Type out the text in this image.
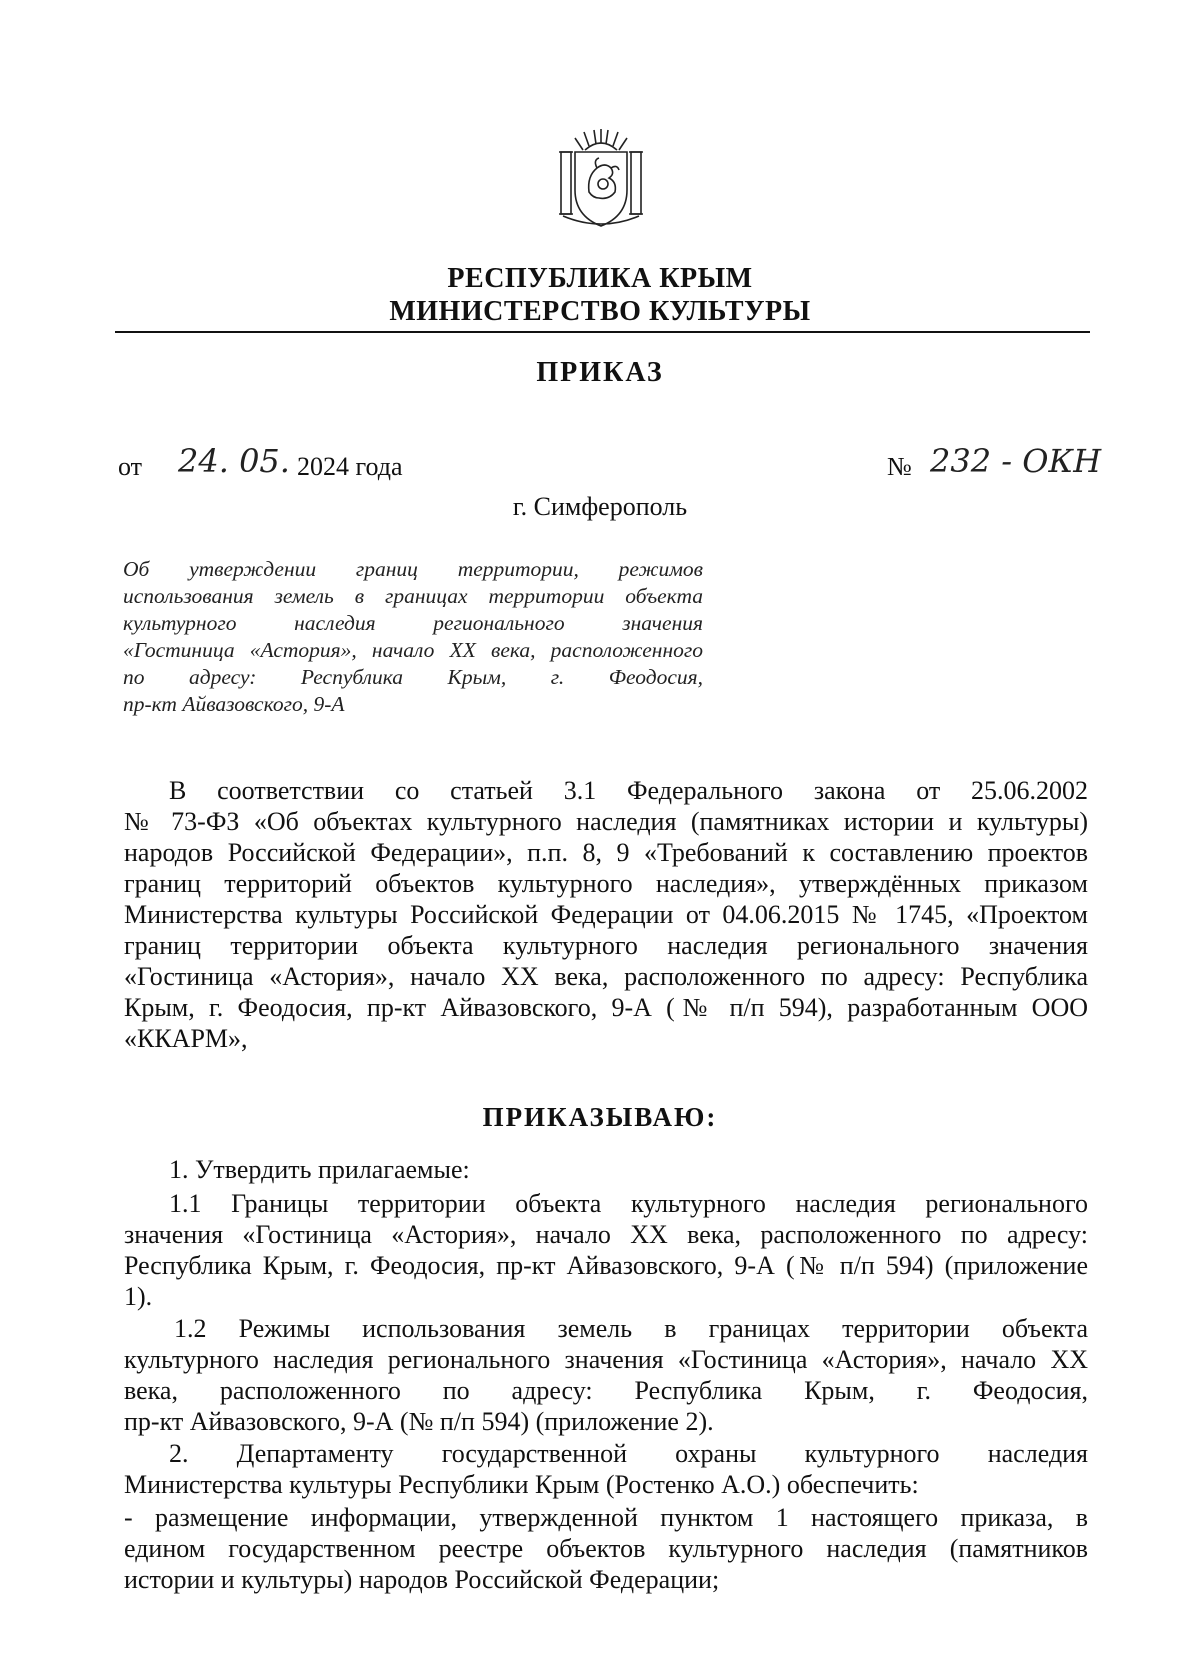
РЕСПУБЛИКА КРЫМ
МИНИСТЕРСТВО КУЛЬТУРЫ
ПРИКАЗ
от 24. 05. 2024 года	№ 232 - ОКН
г. Симферополь
Об утверждении границ территории, режимов
использования земель в границах территории объекта
культурного наследия регионального значения
«Гостиница «Астория», начало XX века, расположенного
по адресу: Республика Крым, г. Феодосия,
пр-кт Айвазовского, 9-А
В соответствии со статьей 3.1 Федерального закона от 25.06.2002
№ 73-ФЗ «Об объектах культурного наследия (памятниках истории и культуры)
народов Российской Федерации», п.п. 8, 9 «Требований к составлению проектов
границ территорий объектов культурного наследия», утверждённых приказом
Министерства культуры Российской Федерации от 04.06.2015 № 1745, «Проектом
границ территории объекта культурного наследия регионального значения
«Гостиница «Астория», начало XX века, расположенного по адресу: Республика
Крым, г. Феодосия, пр-кт Айвазовского, 9-А (№ п/п 594), разработанным ООО
«ККАРМ»,
ПРИКАЗЫВАЮ:
1. Утвердить прилагаемые:
1.1 Границы территории объекта культурного наследия регионального
значения «Гостиница «Астория», начало XX века, расположенного по адресу:
Республика Крым, г. Феодосия, пр-кт Айвазовского, 9-А (№ п/п 594) (приложение
1).
1.2 Режимы использования земель в границах территории объекта
культурного наследия регионального значения «Гостиница «Астория», начало XX
века, расположенного по адресу: Республика Крым, г. Феодосия,
пр-кт Айвазовского, 9-А (№ п/п 594) (приложение 2).
2. Департаменту государственной охраны культурного наследия
Министерства культуры Республики Крым (Ростенко А.О.) обеспечить:
- размещение информации, утвержденной пунктом 1 настоящего приказа, в
едином государственном реестре объектов культурного наследия (памятников
истории и культуры) народов Российской Федерации;
